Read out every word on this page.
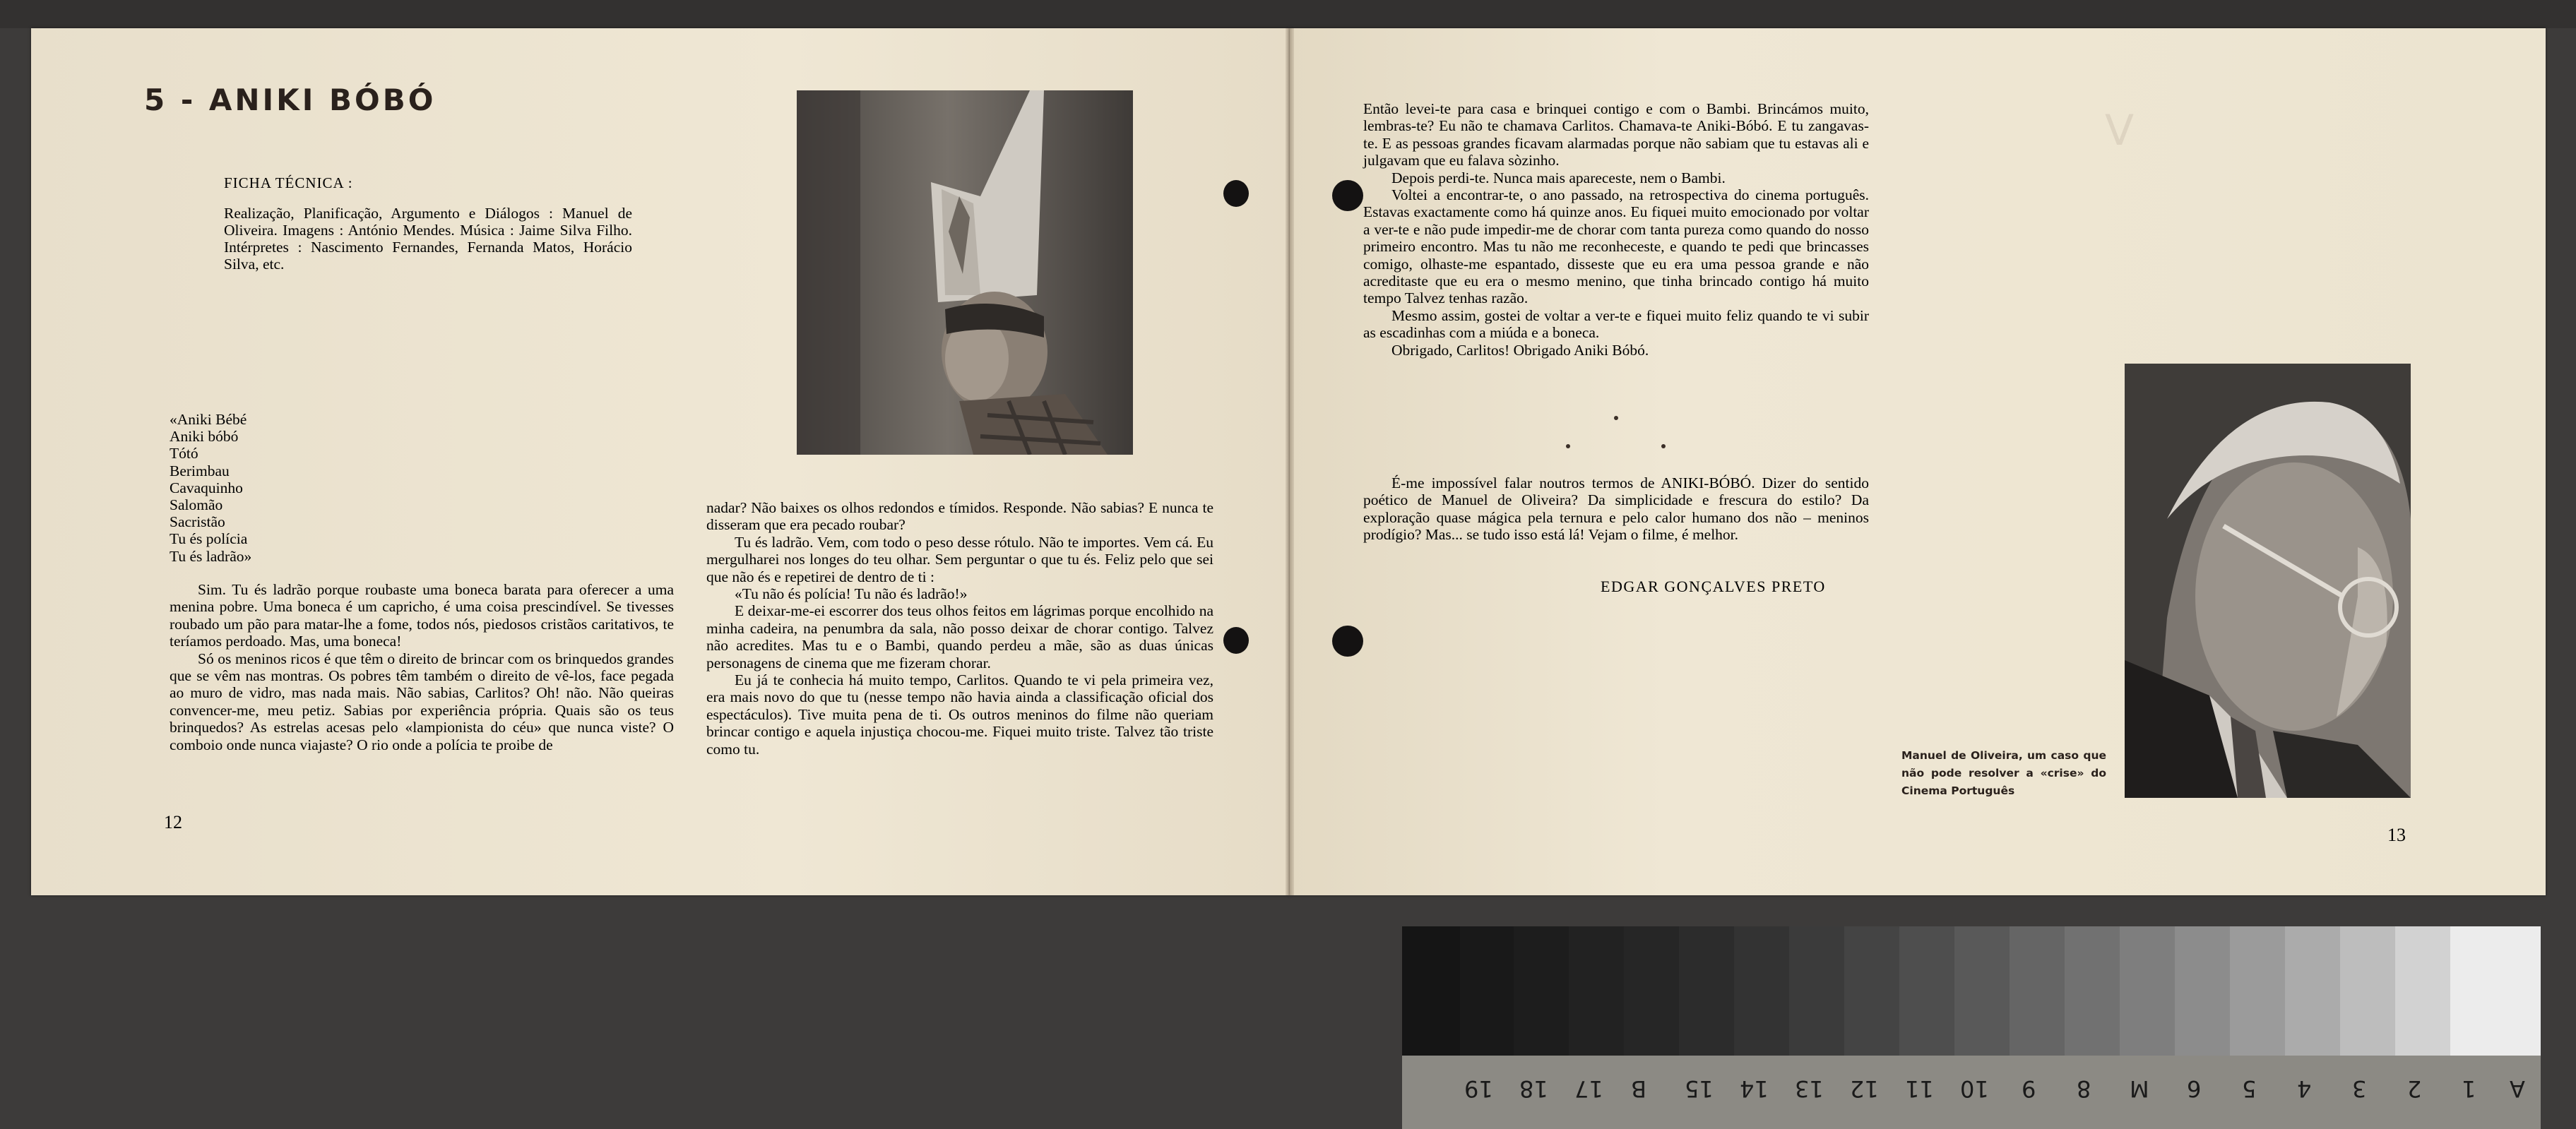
5 - ANIKI BÓBÓ
FICHA TÉCNICA :
Realização, Planificação, Argumento e Diálogos : Manuel de Oliveira. Imagens : António Mendes. Música : Jaime Silva Filho. Intérpretes : Nascimento Fernandes, Fernanda Matos, Horácio Silva, etc.
«Aniki Bébé
Aniki bóbó
Tótó
Berimbau
Cavaquinho
Salomão
Sacristão
Tu és polícia
Tu és ladrão»

Sim. Tu és ladrão porque roubaste uma boneca barata para oferecer a uma menina pobre. Uma boneca é um capricho, é uma coisa prescindível. Se tivesses roubado um pão para matar-lhe a fome, todos nós, piedosos cristãos caritativos, te teríamos perdoado. Mas, uma boneca!

Só os meninos ricos é que têm o direito de brincar com os brinquedos grandes que se vêm nas montras. Os pobres têm também o direito de vê-los, face pegada ao muro de vidro, mas nada mais. Não sabias, Carlitos? Oh! não. Não queiras convencer-me, meu petiz. Sabias por experiência própria. Quais são os teus brinquedos? As estrelas acesas pelo «lampionista do céu» que nunca viste? O comboio onde nunca viajaste? O rio onde a polícia te proibe de

nadar? Não baixes os olhos redondos e tímidos. Responde. Não sabias? E nunca te disseram que era pecado roubar?

Tu és ladrão. Vem, com todo o peso desse rótulo. Não te importes. Vem cá. Eu mergulharei nos longes do teu olhar. Sem perguntar o que tu és. Feliz pelo que sei que não és e repetirei de dentro de ti :

«Tu não és polícia! Tu não és ladrão!»

E deixar-me-ei escorrer dos teus olhos feitos em lágrimas porque encolhido na minha cadeira, na penumbra da sala, não posso deixar de chorar contigo. Talvez não acredites. Mas tu e o Bambi, quando perdeu a mãe, são as duas únicas personagens de cinema que me fizeram chorar.

Eu já te conhecia há muito tempo, Carlitos. Quando te vi pela primeira vez, era mais novo do que tu (nesse tempo não havia ainda a classificação oficial dos espectáculos). Tive muita pena de ti. Os outros meninos do filme não queriam brincar contigo e aquela injustiça chocou-me. Fiquei muito triste. Talvez tão triste como tu.	Manuel de Oliveira, um caso que não pode resolver a «crise» do Cinema Português
V

Então levei-te para casa e brinquei contigo e com o Bambi. Brincámos muito, lembras-te? Eu não te chamava Carlitos. Chamava-te Aniki-Bóbó. E tu zangavas-te. E as pessoas grandes ficavam alarmadas porque não sabiam que tu estavas ali e julgavam que eu falava sòzinho.

Depois perdi-te. Nunca mais apareceste, nem o Bambi.

Voltei a encontrar-te, o ano passado, na retrospectiva do cinema português. Estavas exactamente como há quinze anos. Eu fiquei muito emocionado por voltar a ver-te e não pude impedir-me de chorar com tanta pureza como quando do nosso primeiro encontro. Mas tu não me reconheceste, e quando te pedi que brincasses comigo, olhaste-me espantado, disseste que eu era uma pessoa grande e não acreditaste que eu era o mesmo menino, que tinha brincado contigo há muito tempo Talvez tenhas razão.

Mesmo assim, gostei de voltar a ver-te e fiquei muito feliz quando te vi subir as escadinhas com a miúda e a boneca.

Obrigado, Carlitos! Obrigado Aniki Bóbó.

É-me impossível falar noutros termos de ANIKI-BÓBÓ. Dizer do sentido poético de Manuel de Oliveira? Da simplicidade e frescura do estilo? Da exploração quase mágica pela ternura e pelo calor humano dos não – meninos prodígio? Mas... se tudo isso está lá! Vejam o filme, é melhor.

EDGAR GONÇALVES PRETO
12
13
A
1
2
3
4
5
6
M
8
9
10
11
12
13
14
15
B
17
18
19
